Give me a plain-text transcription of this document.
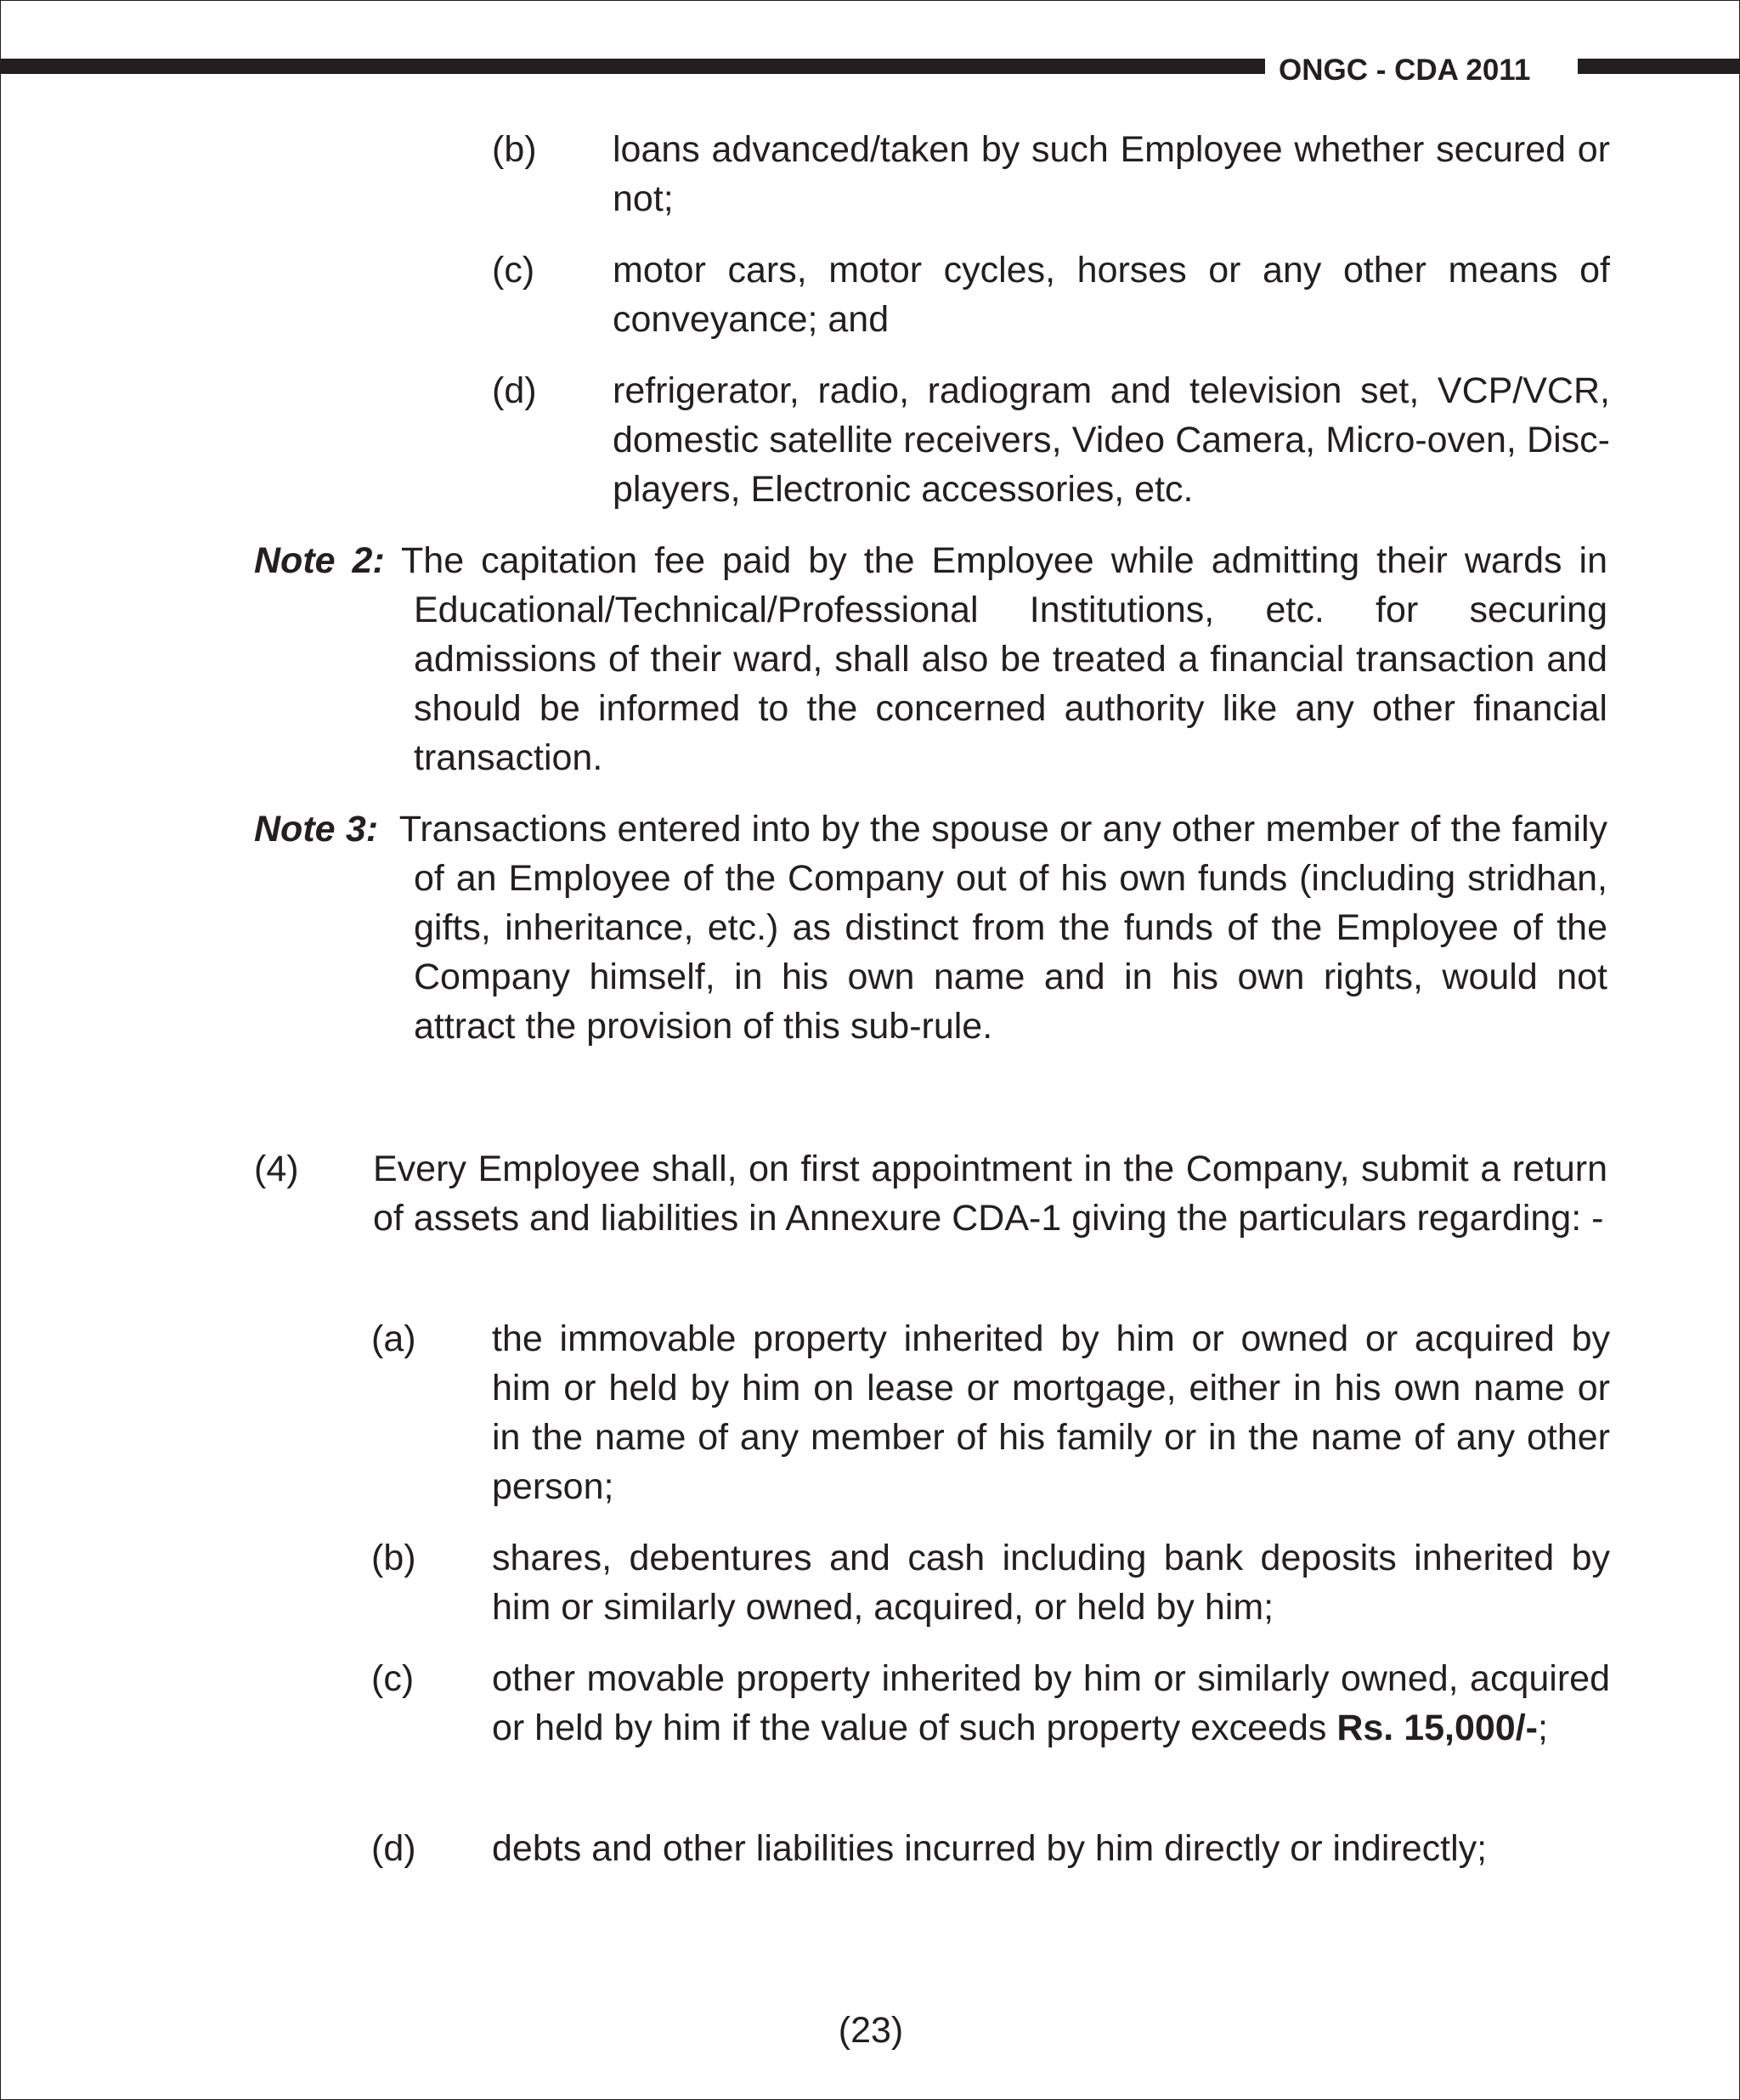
ONGC - CDA 2011
(b) loans advanced/taken by such Employee whether secured or not;
(c) motor cars, motor cycles, horses or any other means of conveyance; and
(d) refrigerator, radio, radiogram and television set, VCP/VCR, domestic satellite receivers, Video Camera, Micro-oven, Disc-players, Electronic accessories, etc.

Note 2: The capitation fee paid by the Employee while admitting their wards in Educational/Technical/Professional Institutions, etc. for securing admissions of their ward, shall also be treated a financial transaction and should be informed to the concerned authority like any other financial transaction.

Note 3: Transactions entered into by the spouse or any other member of the family of an Employee of the Company out of his own funds (including stridhan, gifts, inheritance, etc.) as distinct from the funds of the Employee of the Company himself, in his own name and in his own rights, would not attract the provision of this sub-rule.

(4) Every Employee shall, on first appointment in the Company, submit a return of assets and liabilities in Annexure CDA-1 giving the particulars regarding: -
(a) the immovable property inherited by him or owned or acquired by him or held by him on lease or mortgage, either in his own name or in the name of any member of his family or in the name of any other person;
(b) shares, debentures and cash including bank deposits inherited by him or similarly owned, acquired, or held by him;
(c) other movable property inherited by him or similarly owned, acquired or held by him if the value of such property exceeds Rs. 15,000/-;
(d) debts and other liabilities incurred by him directly or indirectly;
(23)
